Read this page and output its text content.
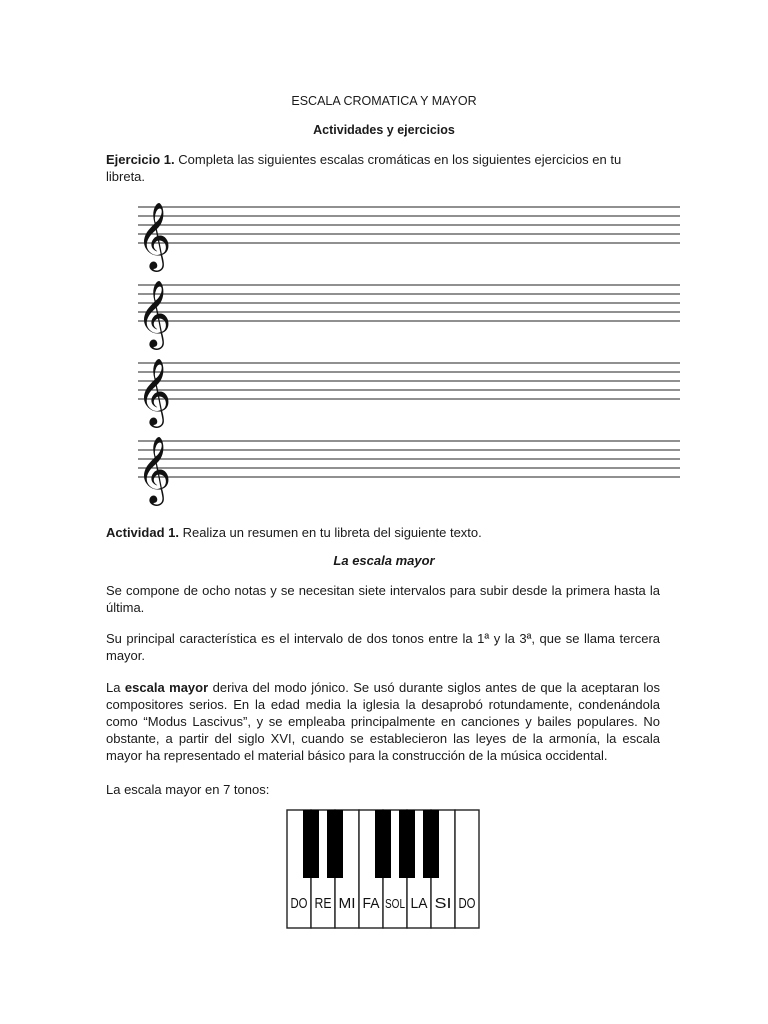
ESCALA CROMATICA Y MAYOR
Actividades y ejercicios
Ejercicio 1. Completa las siguientes escalas cromáticas en los siguientes ejercicios en tu libreta.
𝄞
𝄞
𝄞
𝄞
Actividad 1. Realiza un resumen en tu libreta del siguiente texto.
La escala mayor
Se compone de ocho notas y se necesitan siete intervalos para subir desde la primera hasta la última.
Su principal característica es el intervalo de dos tonos entre la 1ª y la 3ª, que se llama tercera mayor.
La escala mayor deriva del modo jónico. Se usó durante siglos antes de que la aceptaran los compositores serios. En la edad media la iglesia la desaprobó rotundamente, condenándola como “Modus Lascivus”, y se empleaba principalmente en canciones y bailes populares. No obstante, a partir del siglo XVI, cuando se establecieron las leyes de la armonía, la escala mayor ha representado el material básico para la construcción de la música occidental.
La escala mayor en 7 tonos:
DO RE MI FA SOL LA SI DO
